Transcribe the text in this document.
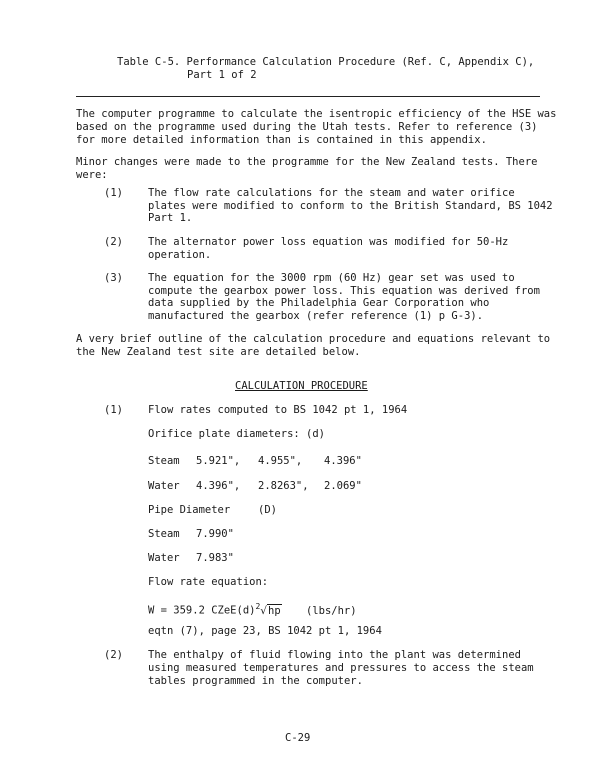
Table C-5. Performance Calculation Procedure (Ref. C, Appendix C),
Part 1 of 2
The computer programme to calculate the isentropic efficiency of the HSE was
based on the programme used during the Utah tests. Refer to reference (3)
for more detailed information than is contained in this appendix.
Minor changes were made to the programme for the New Zealand tests. There
were:
(1) The flow rate calculations for the steam and water orifice
plates were modified to conform to the British Standard, BS 1042
Part 1.
(2) The alternator power loss equation was modified for 50-Hz
operation.
(3) The equation for the 3000 rpm (60 Hz) gear set was used to
compute the gearbox power loss. This equation was derived from
data supplied by the Philadelphia Gear Corporation who
manufactured the gearbox (refer reference (1) p G-3).
A very brief outline of the calculation procedure and equations relevant to
the New Zealand test site are detailed below.
CALCULATION PROCEDURE
(1) Flow rates computed to BS 1042 pt 1, 1964
Orifice plate diameters: (d)
Steam 5.921", 4.955", 4.396"
Water 4.396", 2.8263", 2.069"
Pipe Diameter	(D)
Steam 7.990"
Water 7.983"
Flow rate equation:
W = 359.2 $CZeE(d)^2√hp$ (lbs/hr)
eqtn (7), page 23, BS 1042 pt 1, 1964
(2) The enthalpy of fluid flowing into the plant was determined
using measured temperatures and pressures to access the steam
tables programmed in the computer.
C-29
